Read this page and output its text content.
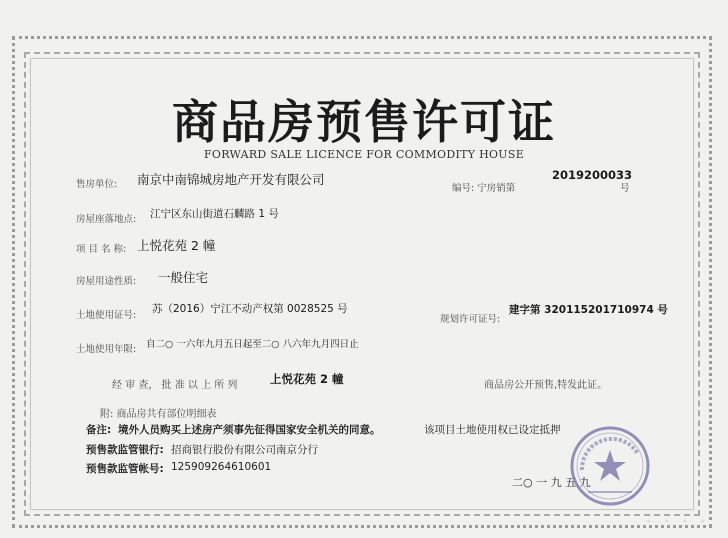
商品房预售许可证
FORWARD SALE LICENCE FOR COMMODITY HOUSE
售房单位: 南京中南锦城房地产开发有限公司
编号: 宁房销第
2019200033
号
房屋座落地点: 江宁区东山街道石麟路 1 号
项 目 名 称: 上悦花苑 2 幢
房屋用途性质: 一般住宅
土地使用证号:
苏（2016）宁江不动产权第 0028525 号
规划许可证号:
建字第 320115201710974 号
土地使用年限: 自二○ 一六年九月五日起至二○ 八六年九月四日止
经 审 查， 批 准 以 上 所 列	上悦花苑 2 幢	商品房公开预售,特发此证。
附: 商品房共有部位明细表
备注: 境外人员购买上述房产须事先征得国家安全机关的同意。	该项目土地使用权已设定抵押
预售款监管银行: 招商银行股份有限公司南京分行
预售款监管帐号: 125909264610601
二○ 一 九 五 九
• • • •
